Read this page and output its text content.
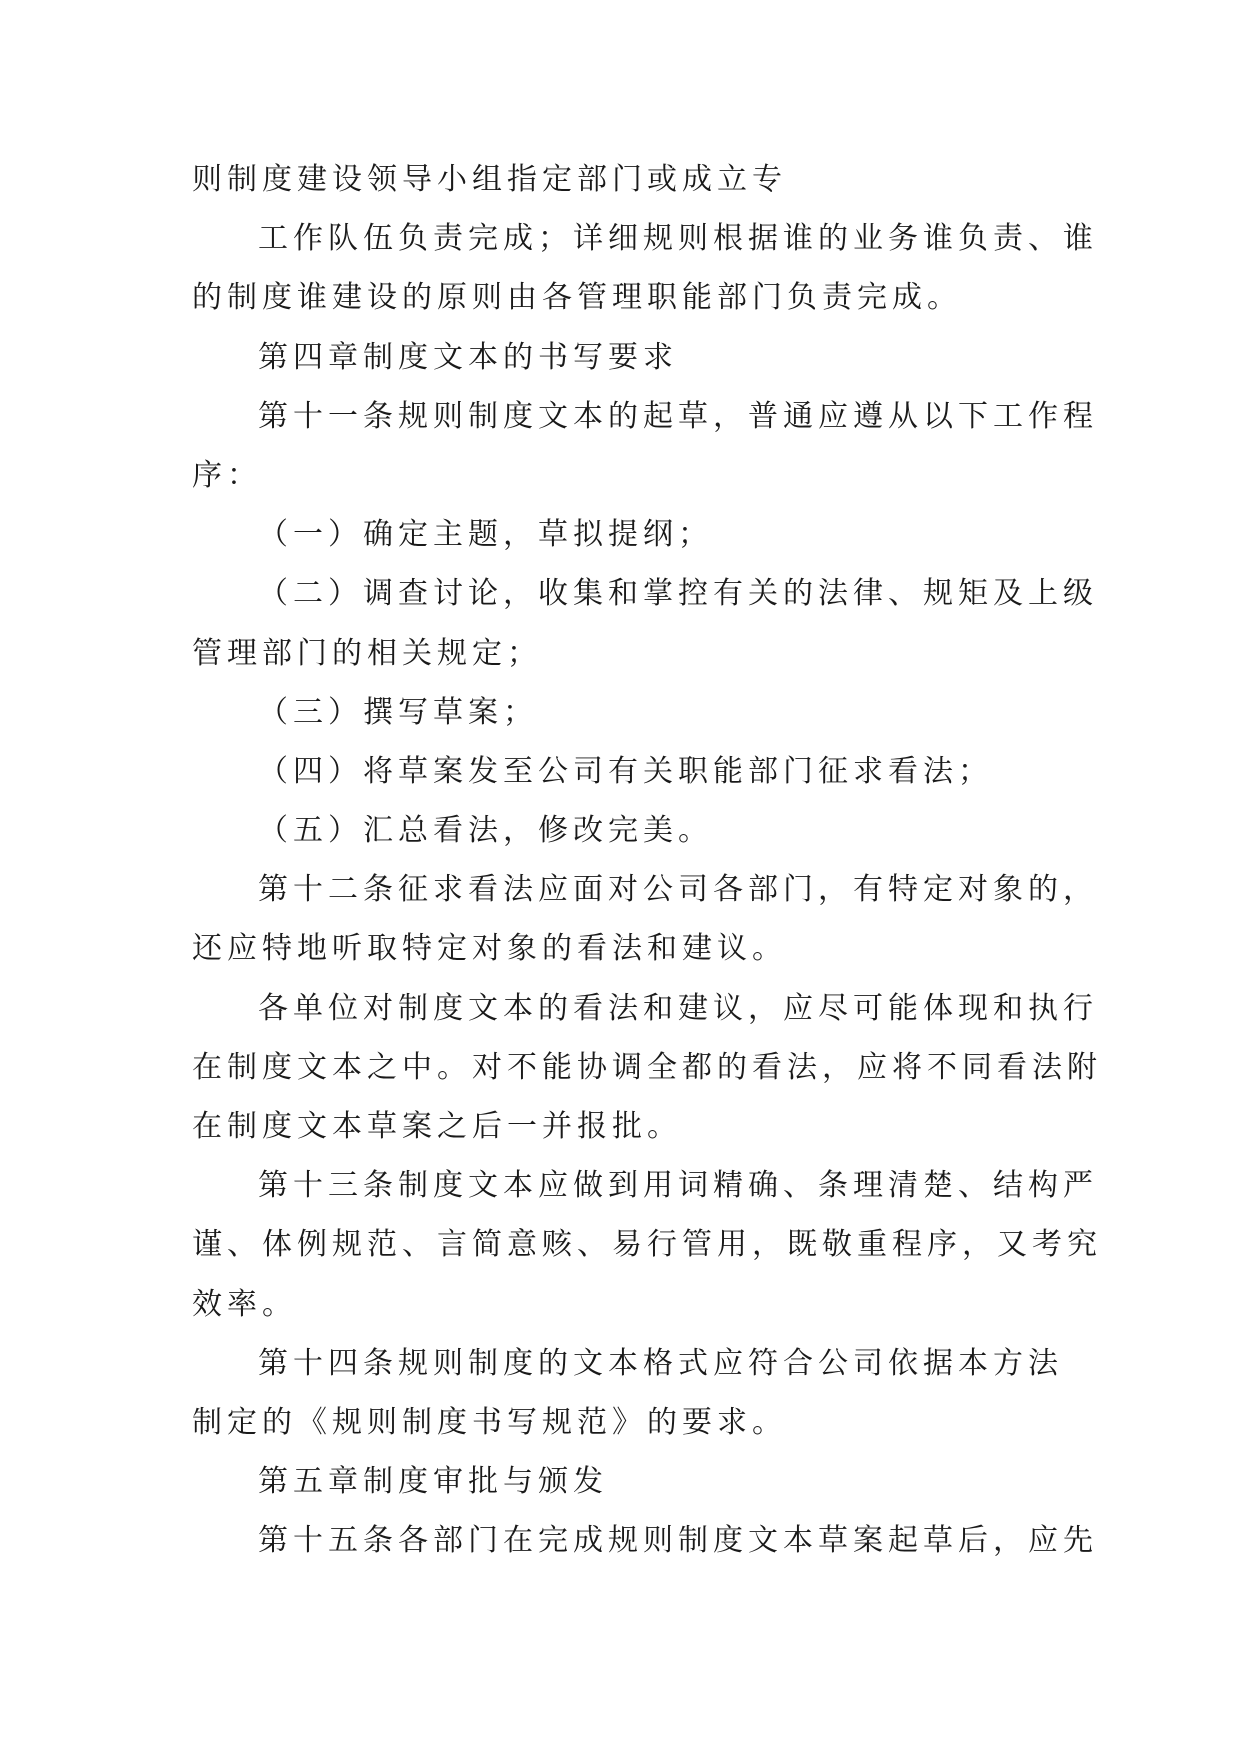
则制度建设领导小组指定部门或成立专
工作队伍负责完成；详细规则根据谁的业务谁负责、谁
的制度谁建设的原则由各管理职能部门负责完成。
第四章制度文本的书写要求
第十一条规则制度文本的起草，普通应遵从以下工作程
序：
（一）确定主题，草拟提纲；
（二）调查讨论，收集和掌控有关的法律、规矩及上级
管理部门的相关规定；
（三）撰写草案；
（四）将草案发至公司有关职能部门征求看法；
（五）汇总看法，修改完美。
第十二条征求看法应面对公司各部门，有特定对象的，
还应特地听取特定对象的看法和建议。
各单位对制度文本的看法和建议，应尽可能体现和执行
在制度文本之中。对不能协调全都的看法，应将不同看法附
在制度文本草案之后一并报批。
第十三条制度文本应做到用词精确、条理清楚、结构严
谨、体例规范、言简意赅、易行管用，既敬重程序，又考究
效率。
第十四条规则制度的文本格式应符合公司依据本方法
制定的《规则制度书写规范》的要求。
第五章制度审批与颁发
第十五条各部门在完成规则制度文本草案起草后，应先
